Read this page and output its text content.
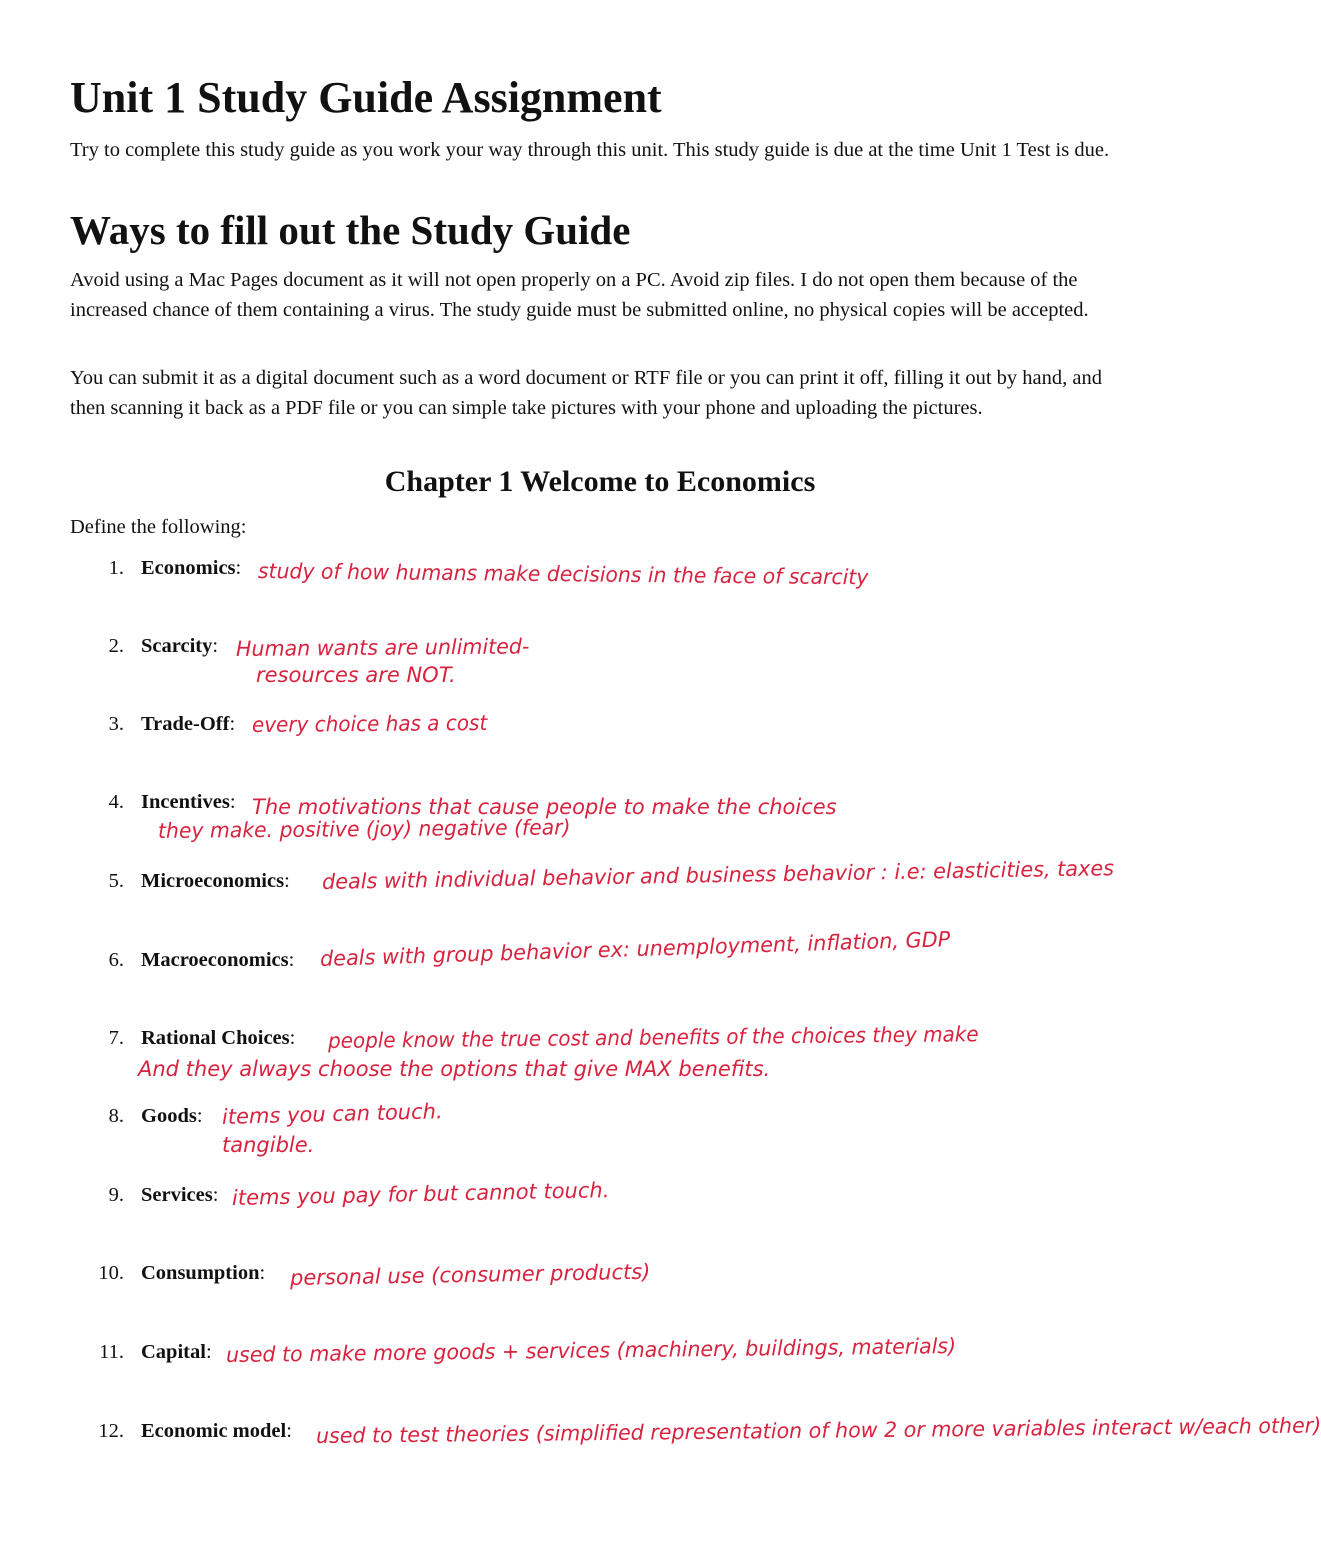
Unit 1 Study Guide Assignment

Try to complete this study guide as you work your way through this unit. This study guide is due at the time Unit 1 Test is due.

Ways to fill out the Study Guide

Avoid using a Mac Pages document as it will not open properly on a PC. Avoid zip files. I do not open them because of the increased chance of them containing a virus. The study guide must be submitted online, no physical copies will be accepted.

You can submit it as a digital document such as a word document or RTF file or you can print it off, filling it out by hand, and then scanning it back as a PDF file or you can simple take pictures with your phone and uploading the pictures.

Chapter 1 Welcome to Economics

Define the following:

1. Economics: study of how humans make decisions in the face of scarcity
2. Scarcity: Human wants are unlimited-
resources are NOT.
3. Trade-Off: every choice has a cost
4. Incentives: The motivations that cause people to make the choices
they make. positive (joy) negative (fear)
5. Microeconomics: deals with individual behavior and business behavior : i.e: elasticities, taxes
6. Macroeconomics: deals with group behavior ex: unemployment, inflation, GDP
7. Rational Choices: people know the true cost and benefits of the choices they make
And they always choose the options that give MAX benefits.
8. Goods: items you can touch.
tangible.
9. Services: items you pay for but cannot touch.
10. Consumption: personal use (consumer products)
11. Capital: used to make more goods + services (machinery, buildings, materials)
12. Economic model: used to test theories (simplified representation of how 2 or more variables interact w/each other)
